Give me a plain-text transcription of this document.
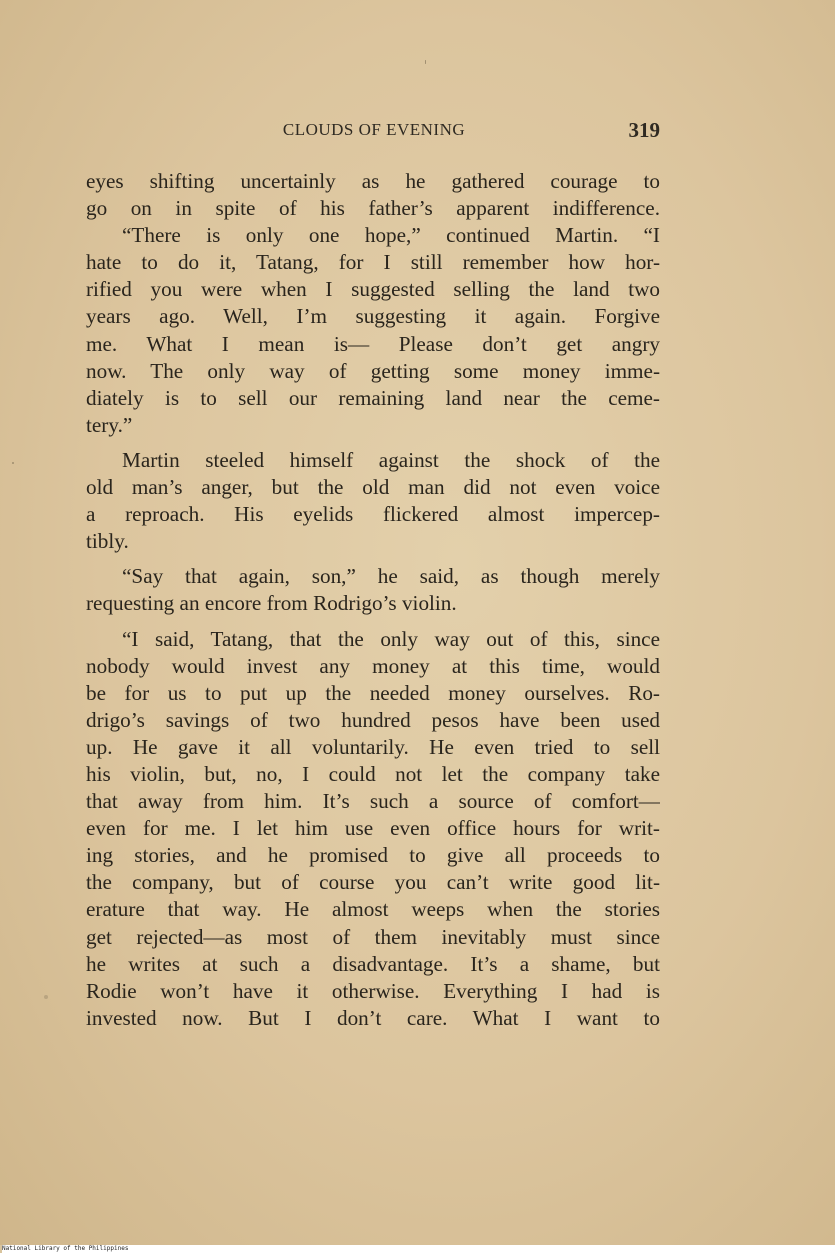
CLOUDS OF EVENING	319
eyes shifting uncertainly as he gathered courage to
go on in spite of his father’s apparent indifference.
“There is only one hope,” continued Martin. “I
hate to do it, Tatang, for I still remember how hor-
rified you were when I suggested selling the land two
years ago. Well, I’m suggesting it again. Forgive
me. What I mean is— Please don’t get angry
now. The only way of getting some money imme-
diately is to sell our remaining land near the ceme-
tery.”
Martin steeled himself against the shock of the
old man’s anger, but the old man did not even voice
a reproach. His eyelids flickered almost impercep-
tibly.
“Say that again, son,” he said, as though merely
requesting an encore from Rodrigo’s violin.
“I said, Tatang, that the only way out of this, since
nobody would invest any money at this time, would
be for us to put up the needed money ourselves. Ro-
drigo’s savings of two hundred pesos have been used
up. He gave it all voluntarily. He even tried to sell
his violin, but, no, I could not let the company take
that away from him. It’s such a source of comfort—
even for me. I let him use even office hours for writ-
ing stories, and he promised to give all proceeds to
the company, but of course you can’t write good lit-
erature that way. He almost weeps when the stories
get rejected—as most of them inevitably must since
he writes at such a disadvantage. It’s a shame, but
Rodie won’t have it otherwise. Everything I had is
invested now. But I don’t care. What I want to
National Library of the Philippines
